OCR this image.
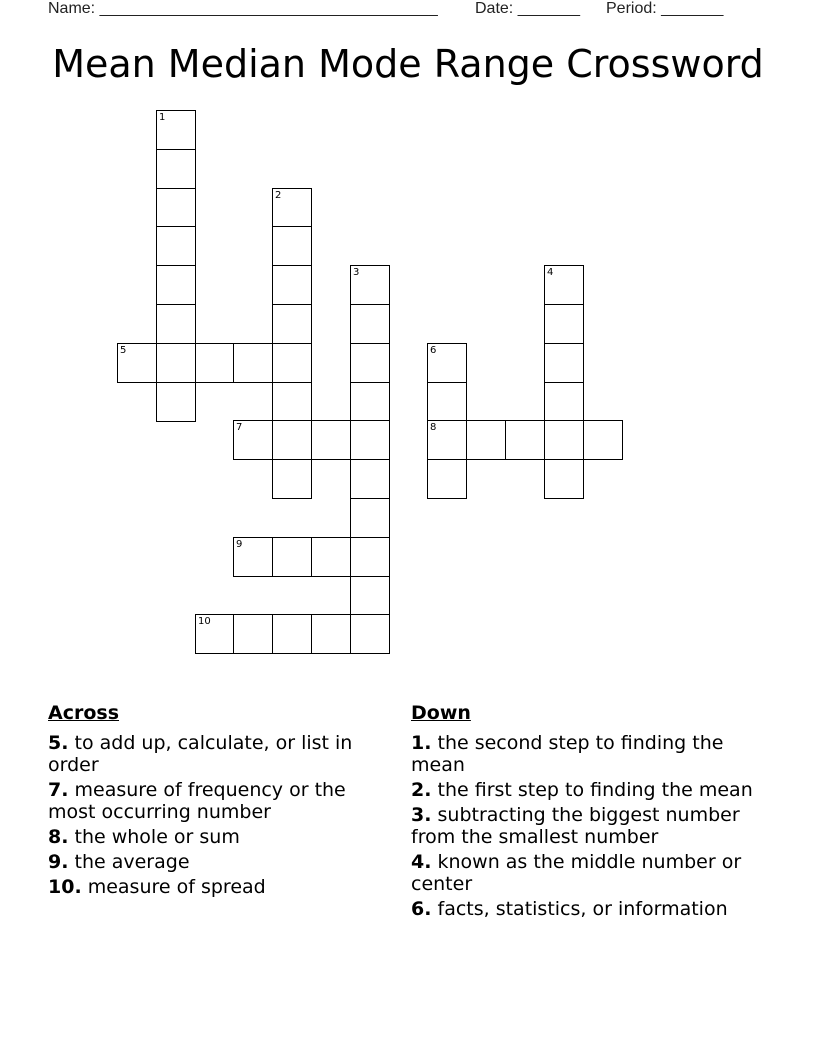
Name: ______________________________________ Date: _______ Period: _______
Mean Median Mode Range Crossword
1
2
3	4
5	6
8
7
9
10
Across
5. to add up, calculate, or list in order
7. measure of frequency or the most occurring number
8. the whole or sum
9. the average
10. measure of spread
Down
1. the second step to finding the mean
2. the first step to finding the mean
3. subtracting the biggest number from the smallest number
4. known as the middle number or center
6. facts, statistics, or information
